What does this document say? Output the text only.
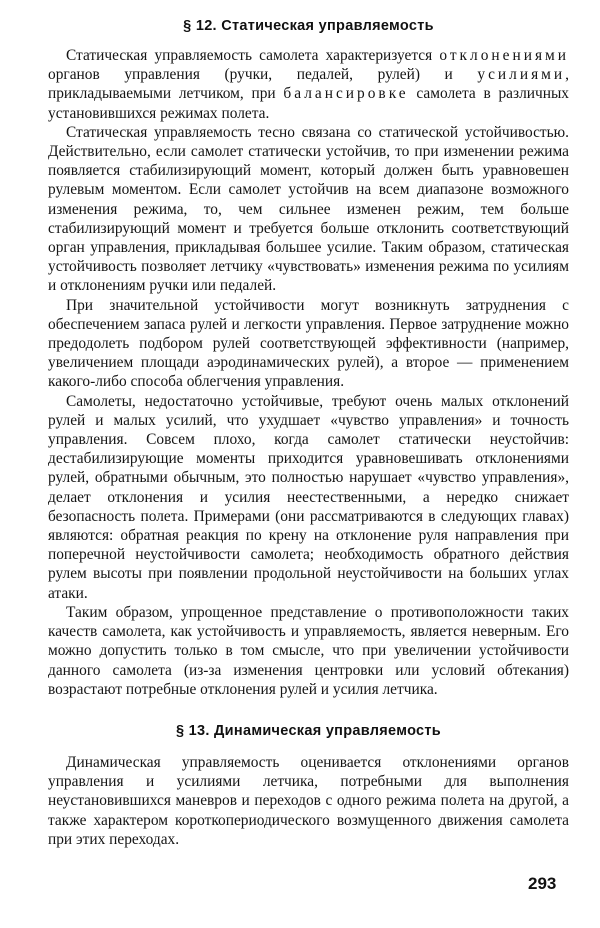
§ 12. Статическая управляемость

Статическая управляемость самолета характеризуется отклонениями органов управления (ручки, педалей, рулей) и усилиями, прикладываемыми летчиком, при балансировке самолета в различных установившихся режимах полета.

Статическая управляемость тесно связана со статической устойчивостью. Действительно, если самолет статически устойчив, то при изменении режима появляется стабилизирующий момент, который должен быть уравновешен рулевым моментом. Если самолет устойчив на всем диапазоне возможного изменения режима, то, чем сильнее изменен режим, тем больше стабилизирующий момент и требуется больше отклонить соответствующий орган управления, прикладывая большее усилие. Таким образом, статическая устойчивость позволяет летчику «чувствовать» изменения режима по усилиям и отклонениям ручки или педалей.

При значительной устойчивости могут возникнуть затруднения с обеспечением запаса рулей и легкости управления. Первое затруднение можно предодолеть подбором рулей соответствующей эффективности (например, увеличением площади аэродинамических рулей), а второе — применением какого-либо способа облегчения управления.

Самолеты, недостаточно устойчивые, требуют очень малых отклонений рулей и малых усилий, что ухудшает «чувство управления» и точность управления. Совсем плохо, когда самолет статически неустойчив: дестабилизирующие моменты приходится уравновешивать отклонениями рулей, обратными обычным, это полностью нарушает «чувство управления», делает отклонения и усилия неестественными, а нередко снижает безопасность полета. Примерами (они рассматриваются в следующих главах) являются: обратная реакция по крену на отклонение руля направления при поперечной неустойчивости самолета; необходимость обратного действия рулем высоты при появлении продольной неустойчивости на больших углах атаки.

Таким образом, упрощенное представление о противоположности таких качеств самолета, как устойчивость и управляемость, является неверным. Его можно допустить только в том смысле, что при увеличении устойчивости данного самолета (из-за изменения центровки или условий обтекания) возрастают потребные отклонения рулей и усилия летчика.

§ 13. Динамическая управляемость

Динамическая управляемость оценивается отклонениями органов управления и усилиями летчика, потребными для выполнения неустановившихся маневров и переходов с одного режима полета на другой, а также характером короткопериодического возмущенного движения самолета при этих переходах.

293
